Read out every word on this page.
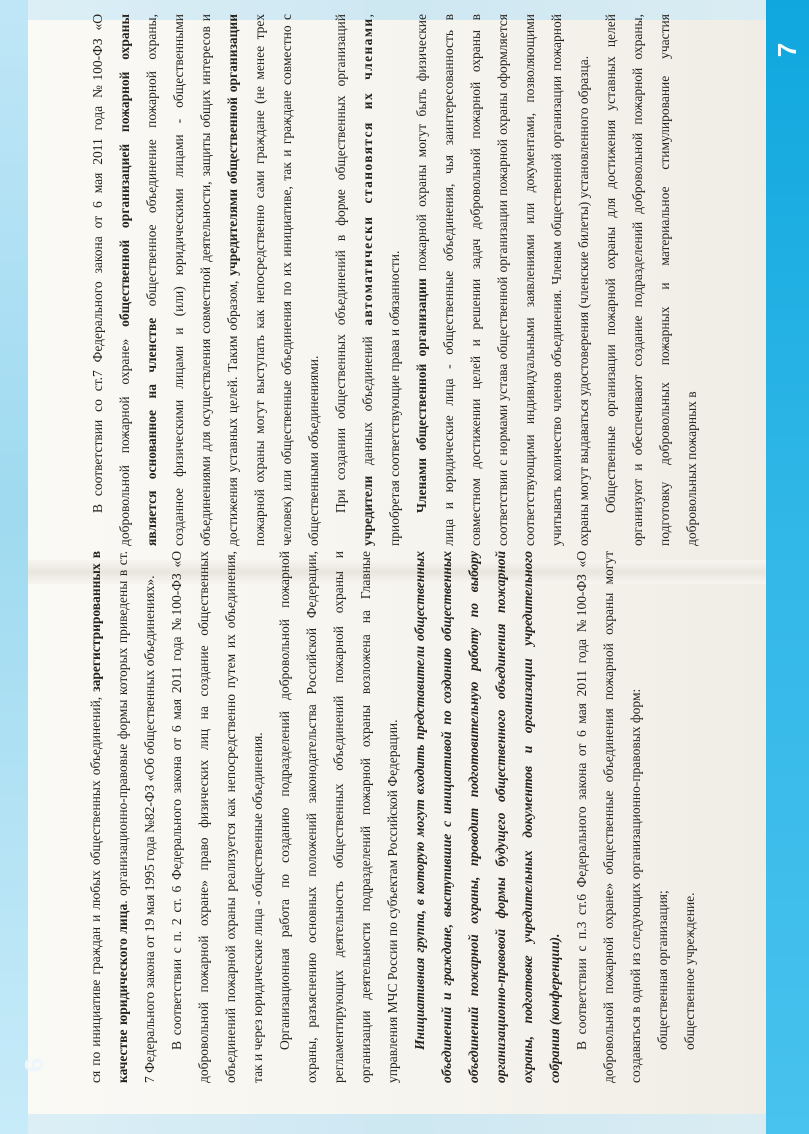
6
7

ся по инициативе граждан и любых общественных объединений, зарегистрированных в качестве юридического лица. организационно-правовые формы которых приведены в ст. 7 Федерального закона от 19 мая 1995 года №82-ФЗ «Об общественных объединениях». В соответствии с п. 2 ст. 6 Федерального закона от 6 мая 2011 года №100-ФЗ «О добровольной пожарной охране» право физических лиц на создание общественных объединений пожарной охраны реализуется как непосредственно путем их объединения, так и через юридические лица - общественные объединения. Организационная работа по созданию подразделений добровольной пожарной охраны, разъяснению основных положений законодательства Российской Федерации, регламентирующих деятельность общественных объединений пожарной охраны и организации деятельности подразделений пожарной охраны возложена на Главные управления МЧС России по субъектам Российской Федерации. Инициативная группа, в которую могут входить представители общественных объединений и граждане, выступившие с инициативой по созданию общественных объединений пожарной охраны, проводит подготовительную работу по выбору организационно-правовой формы будущего общественного объединения пожарной охраны, подготовке учредительных документов и организации учредительного собрания (конференции). В соответствии с п.3 ст.6 Федерального закона от 6 мая 2011 года №100-ФЗ «О добровольной пожарной охране» общественные объединения пожарной охраны могут создаваться в одной из следующих организационно-правовых форм: общественная организация; общественное учреждение.

В соответствии со ст.7 Федерального закона от 6 мая 2011 года №100-ФЗ «О добровольной пожарной охране» общественной организацией пожарной охраны является основанное на членстве общественное объединение пожарной охраны, созданное физическими лицами и (или) юридическими лицами - общественными объединениями для осуществления совместной деятельности, защиты общих интересов и достижения уставных целей. Таким образом, учредителями общественной организации пожарной охраны могут выступать как непосредственно сами граждане (не менее трех человек) или общественные объединения по их инициативе, так и граждане совместно с общественными объединениями. При создании общественных объединений в форме общественных организаций учредители данных объединений автоматически становятся их членами, приобретая соответствующие права и обязанности. Членами общественной организации пожарной охраны могут быть физические лица и юридические лица - общественные объединения, чья заинтересованность в совместном достижении целей и решении задач добровольной пожарной охраны в соответствии с нормами устава общественной организации пожарной охраны оформляется соответствующими индивидуальными заявлениями или документами, позволяющими учитывать количество членов объединения. Членам общественной организации пожарной охраны могут выдаваться удостоверения (членские билеты) установленного образца. Общественные организации пожарной охраны для достижения уставных целей организуют и обеспечивают создание подразделений добровольной пожарной охраны, подготовку добровольных пожарных и материальное стимулирование участия добровольных пожарных в
